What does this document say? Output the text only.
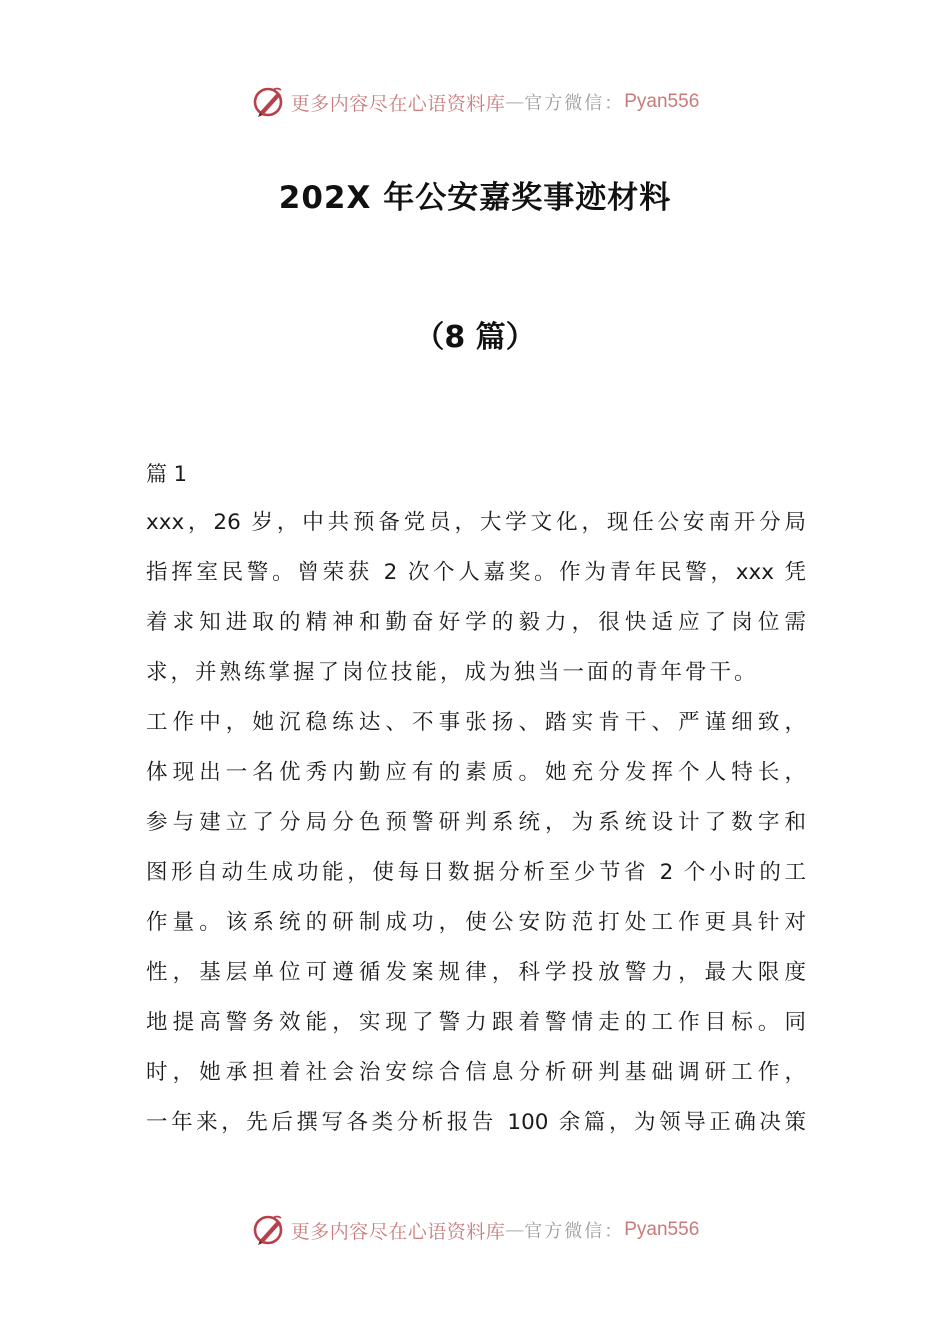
更多内容尽在心语资料库 — 官方微信： Pyan556
202X 年公安嘉奖事迹材料
（8 篇）
篇 1
xxx，26 岁，中共预备党员，大学文化，现任公安南开分局
指挥室民警。曾荣获 2 次个人嘉奖。作为青年民警，xxx 凭
着求知进取的精神和勤奋好学的毅力，很快适应了岗位需
求，并熟练掌握了岗位技能，成为独当一面的青年骨干。
工作中，她沉稳练达、不事张扬、踏实肯干、严谨细致，
体现出一名优秀内勤应有的素质。她充分发挥个人特长，
参与建立了分局分色预警研判系统，为系统设计了数字和
图形自动生成功能，使每日数据分析至少节省 2 个小时的工
作量。该系统的研制成功，使公安防范打处工作更具针对
性，基层单位可遵循发案规律，科学投放警力，最大限度
地提高警务效能，实现了警力跟着警情走的工作目标。同
时，她承担着社会治安综合信息分析研判基础调研工作，
一年来，先后撰写各类分析报告 100 余篇，为领导正确决策
更多内容尽在心语资料库 — 官方微信： Pyan556
